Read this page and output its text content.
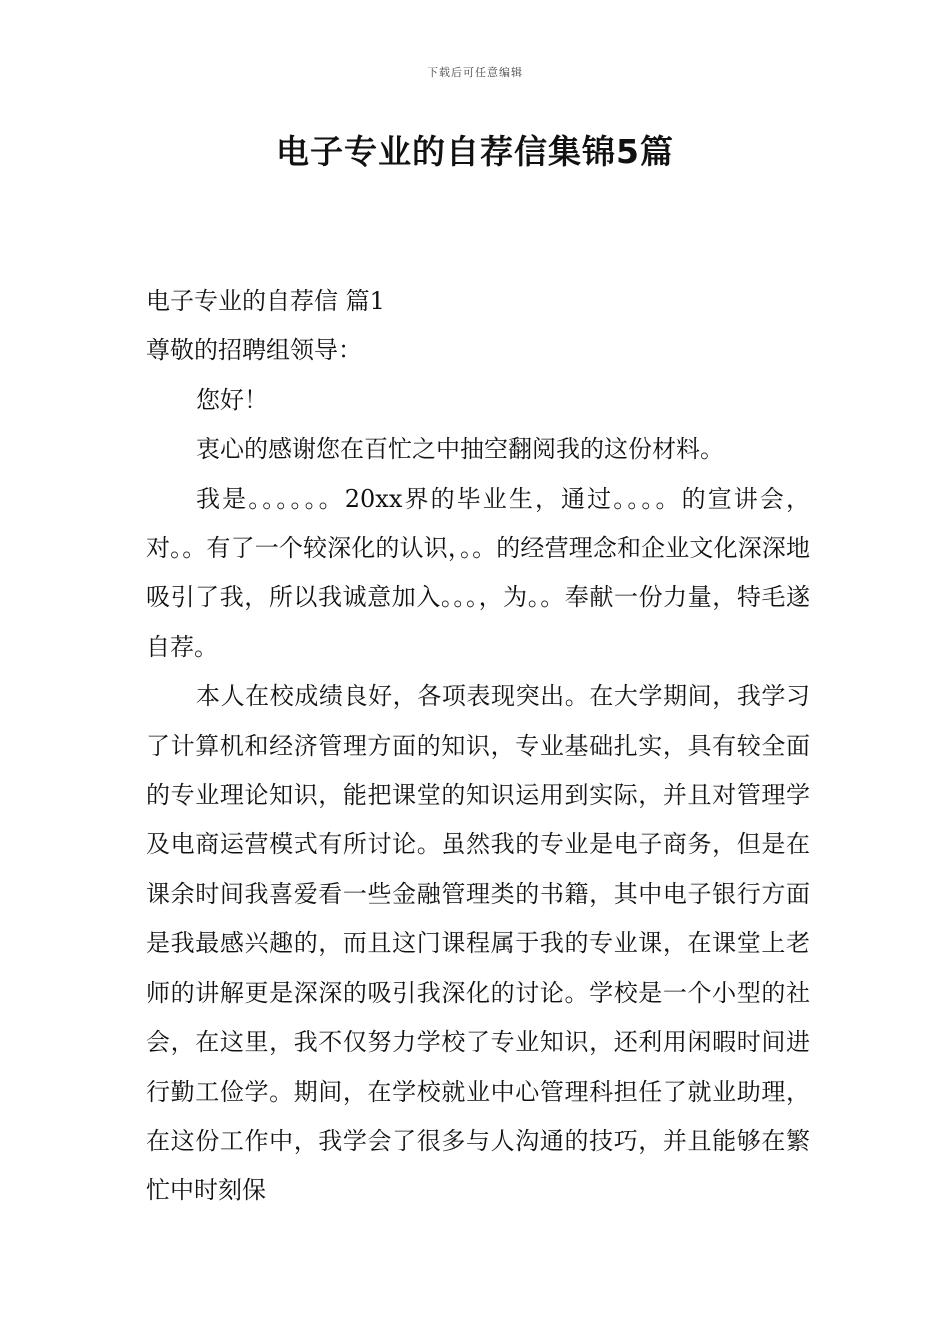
下载后可任意编辑
电子专业的自荐信集锦5篇

电子专业的自荐信 篇1

尊敬的招聘组领导：

您好！

衷心的感谢您在百忙之中抽空翻阅我的这份材料。

我是。。。。。。20xx界的毕业生，通过。。。。的宣讲会，对。。有了一个较深化的认识，。。的经营理念和企业文化深深地吸引了我，所以我诚意加入。。。，为。。奉献一份力量，特毛遂自荐。

本人在校成绩良好，各项表现突出。在大学期间，我学习了计算机和经济管理方面的知识，专业基础扎实，具有较全面的专业理论知识，能把课堂的知识运用到实际，并且对管理学及电商运营模式有所讨论。虽然我的专业是电子商务，但是在课余时间我喜爱看一些金融管理类的书籍，其中电子银行方面是我最感兴趣的，而且这门课程属于我的专业课，在课堂上老师的讲解更是深深的吸引我深化的讨论。学校是一个小型的社会，在这里，我不仅努力学校了专业知识，还利用闲暇时间进行勤工俭学。期间，在学校就业中心管理科担任了就业助理，在这份工作中，我学会了很多与人沟通的技巧，并且能够在繁忙中时刻保
